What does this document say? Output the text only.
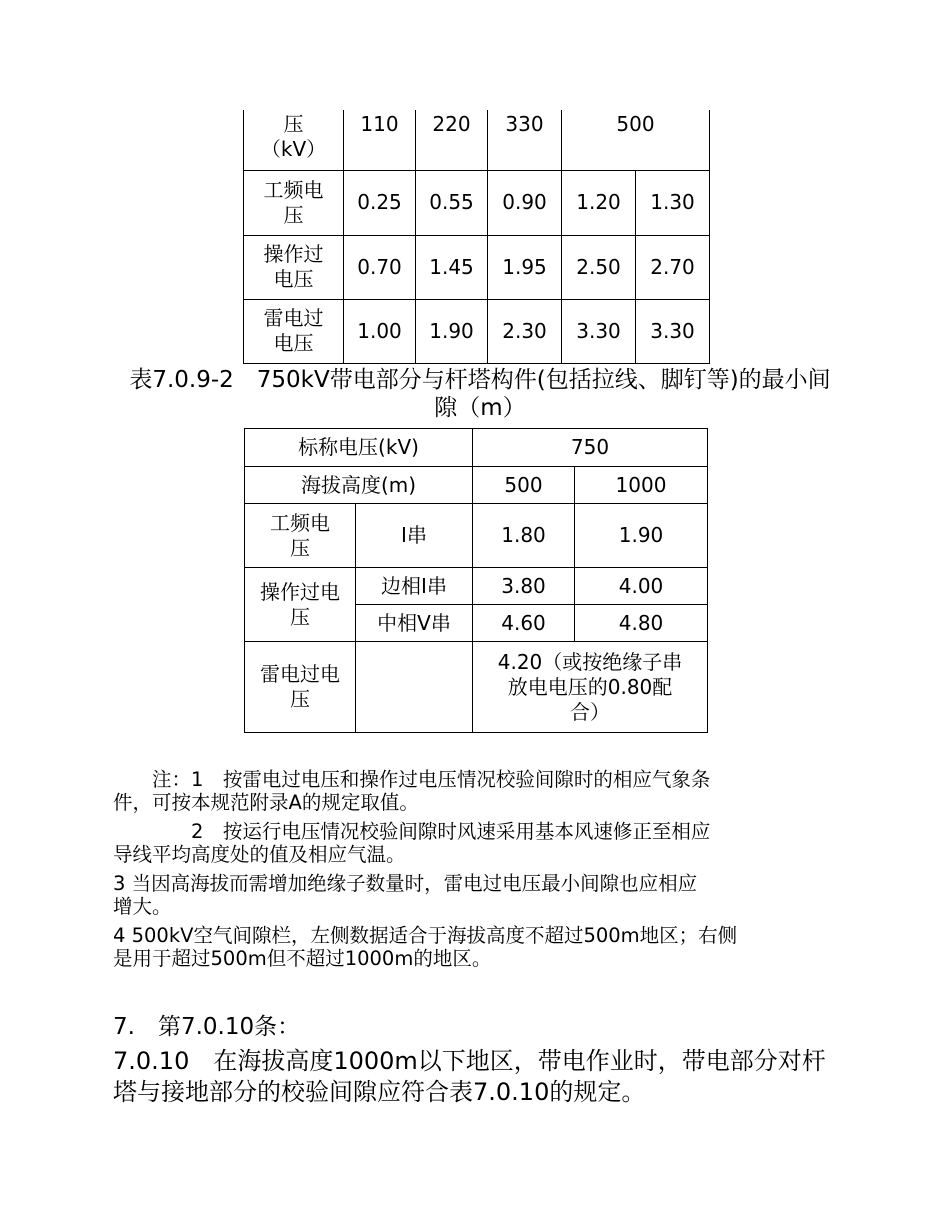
压
（kV）	110	220	330	500	
工频电
压	0.25	0.55	0.90	1.20	1.30
操作过
电压	0.70	1.45	1.95	2.50	2.70
雷电过
电压	1.00	1.90	2.30	3.30	3.30
表7.0.9-2　750kV带电部分与杆塔构件(包括拉线、脚钉等)的最小间隙（m）
标称电压(kV)		750	
海拔高度(m)		500	1000
工频电
压	I串	1.80	1.90
操作过电
压	边相I串	3.80	4.00
	中相V串	4.60	4.80
雷电过电
压		4.20（或按绝缘子串
放电电压的0.80配
合）	
　　注：1　按雷电过电压和操作过电压情况校验间隙时的相应气象条
件，可按本规范附录A的规定取值。
　　　　2　按运行电压情况校验间隙时风速采用基本风速修正至相应
导线平均高度处的值及相应气温。
3 当因高海拔而需增加绝缘子数量时，雷电过电压最小间隙也应相应
增大。
4 500kV空气间隙栏，左侧数据适合于海拔高度不超过500m地区；右侧
是用于超过500m但不超过1000m的地区。
7.　第7.0.10条：
7.0.10　在海拔高度1000m以下地区，带电作业时，带电部分对杆塔与接地部分的校验间隙应符合表7.0.10的规定。
